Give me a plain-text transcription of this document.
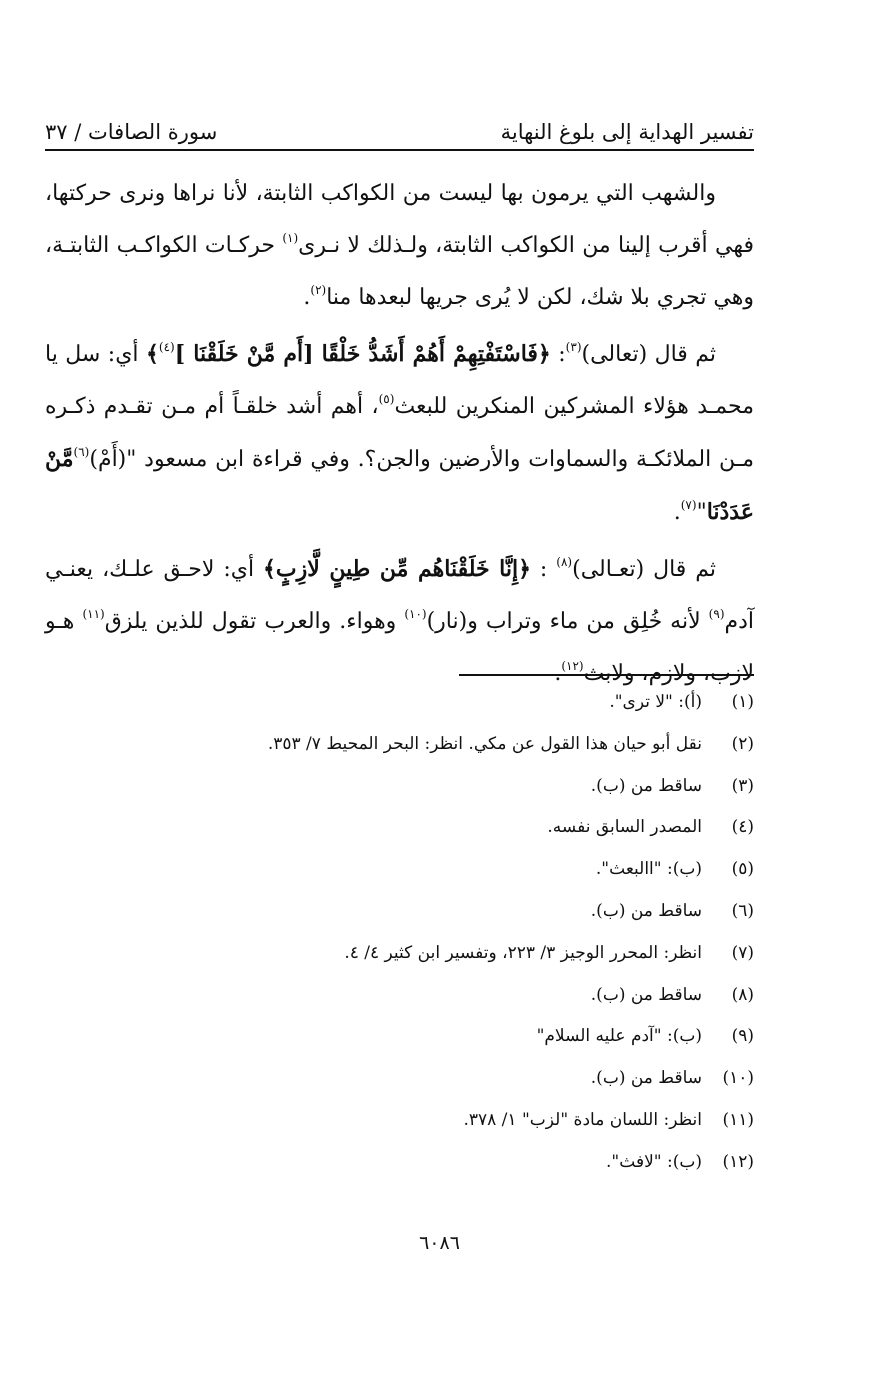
تفسير الهداية إلى بلوغ النهاية
سورة الصافات / ٣٧

والشهب التي يرمون بها ليست من الكواكب الثابتة، لأنا نراها ونرى حركتها، فهي أقرب إلينا من الكواكب الثابتة، ولـذلك لا نـرى$^{(١)}$ حركـات الكواكـب الثابتـة، وهي تجري بلا شك، لكن لا يُرى جريها لبعدها منا$^{(٢)}$.

ثم قال (تعالى)$^{(٣)}$: ﴿فَاسْتَفْتِهِمْ أَهُمْ أَشَدُّ خَلْقًا [أَم مَّنْ خَلَقْنَا ]$^{(٤)}$﴾ أي: سل يا محمـد هؤلاء المشركين المنكرين للبعث$^{(٥)}$، أهم أشد خلقـاً أم مـن تقـدم ذكـره مـن الملائكـة والسماوات والأرضين والجن؟. وفي قراءة ابن مسعود "(أَمْ)$^{(٦)}$مَّنْ عَدَدْنَا"$^{(٧)}$.

ثم قال (تعـالى)$^{(٨)}$ : ﴿إِنَّا خَلَقْنَاهُم مِّن طِينٍ لَّازِبٍ﴾ أي: لاحـق علـك، يعنـي آدم$^{(٩)}$ لأنه خُلِق من ماء وتراب و(نار)$^{(١٠)}$ وهواء. والعرب تقول للذين يلزق$^{(١١)}$ هـو لازب، ولازم، ولابث$^{(١٢)}$.

(١)
(أ): "لا ترى".
(٢)
نقل أبو حيان هذا القول عن مكي. انظر: البحر المحيط ٧/ ٣٥٣.
(٣)
ساقط من (ب).
(٤)
المصدر السابق نفسه.
(٥)
(ب): "االبعث".
(٦)
ساقط من (ب).
(٧)
انظر: المحرر الوجيز ٣/ ٢٢٣، وتفسير ابن كثير ٤/ ٤.
(٨)
ساقط من (ب).
(٩)
(ب): "آدم عليه السلام"
(١٠)
ساقط من (ب).
(١١)
انظر: اللسان مادة "لزب" ١/ ٣٧٨.
(١٢)
(ب): "لافث".
٦٠٨٦
